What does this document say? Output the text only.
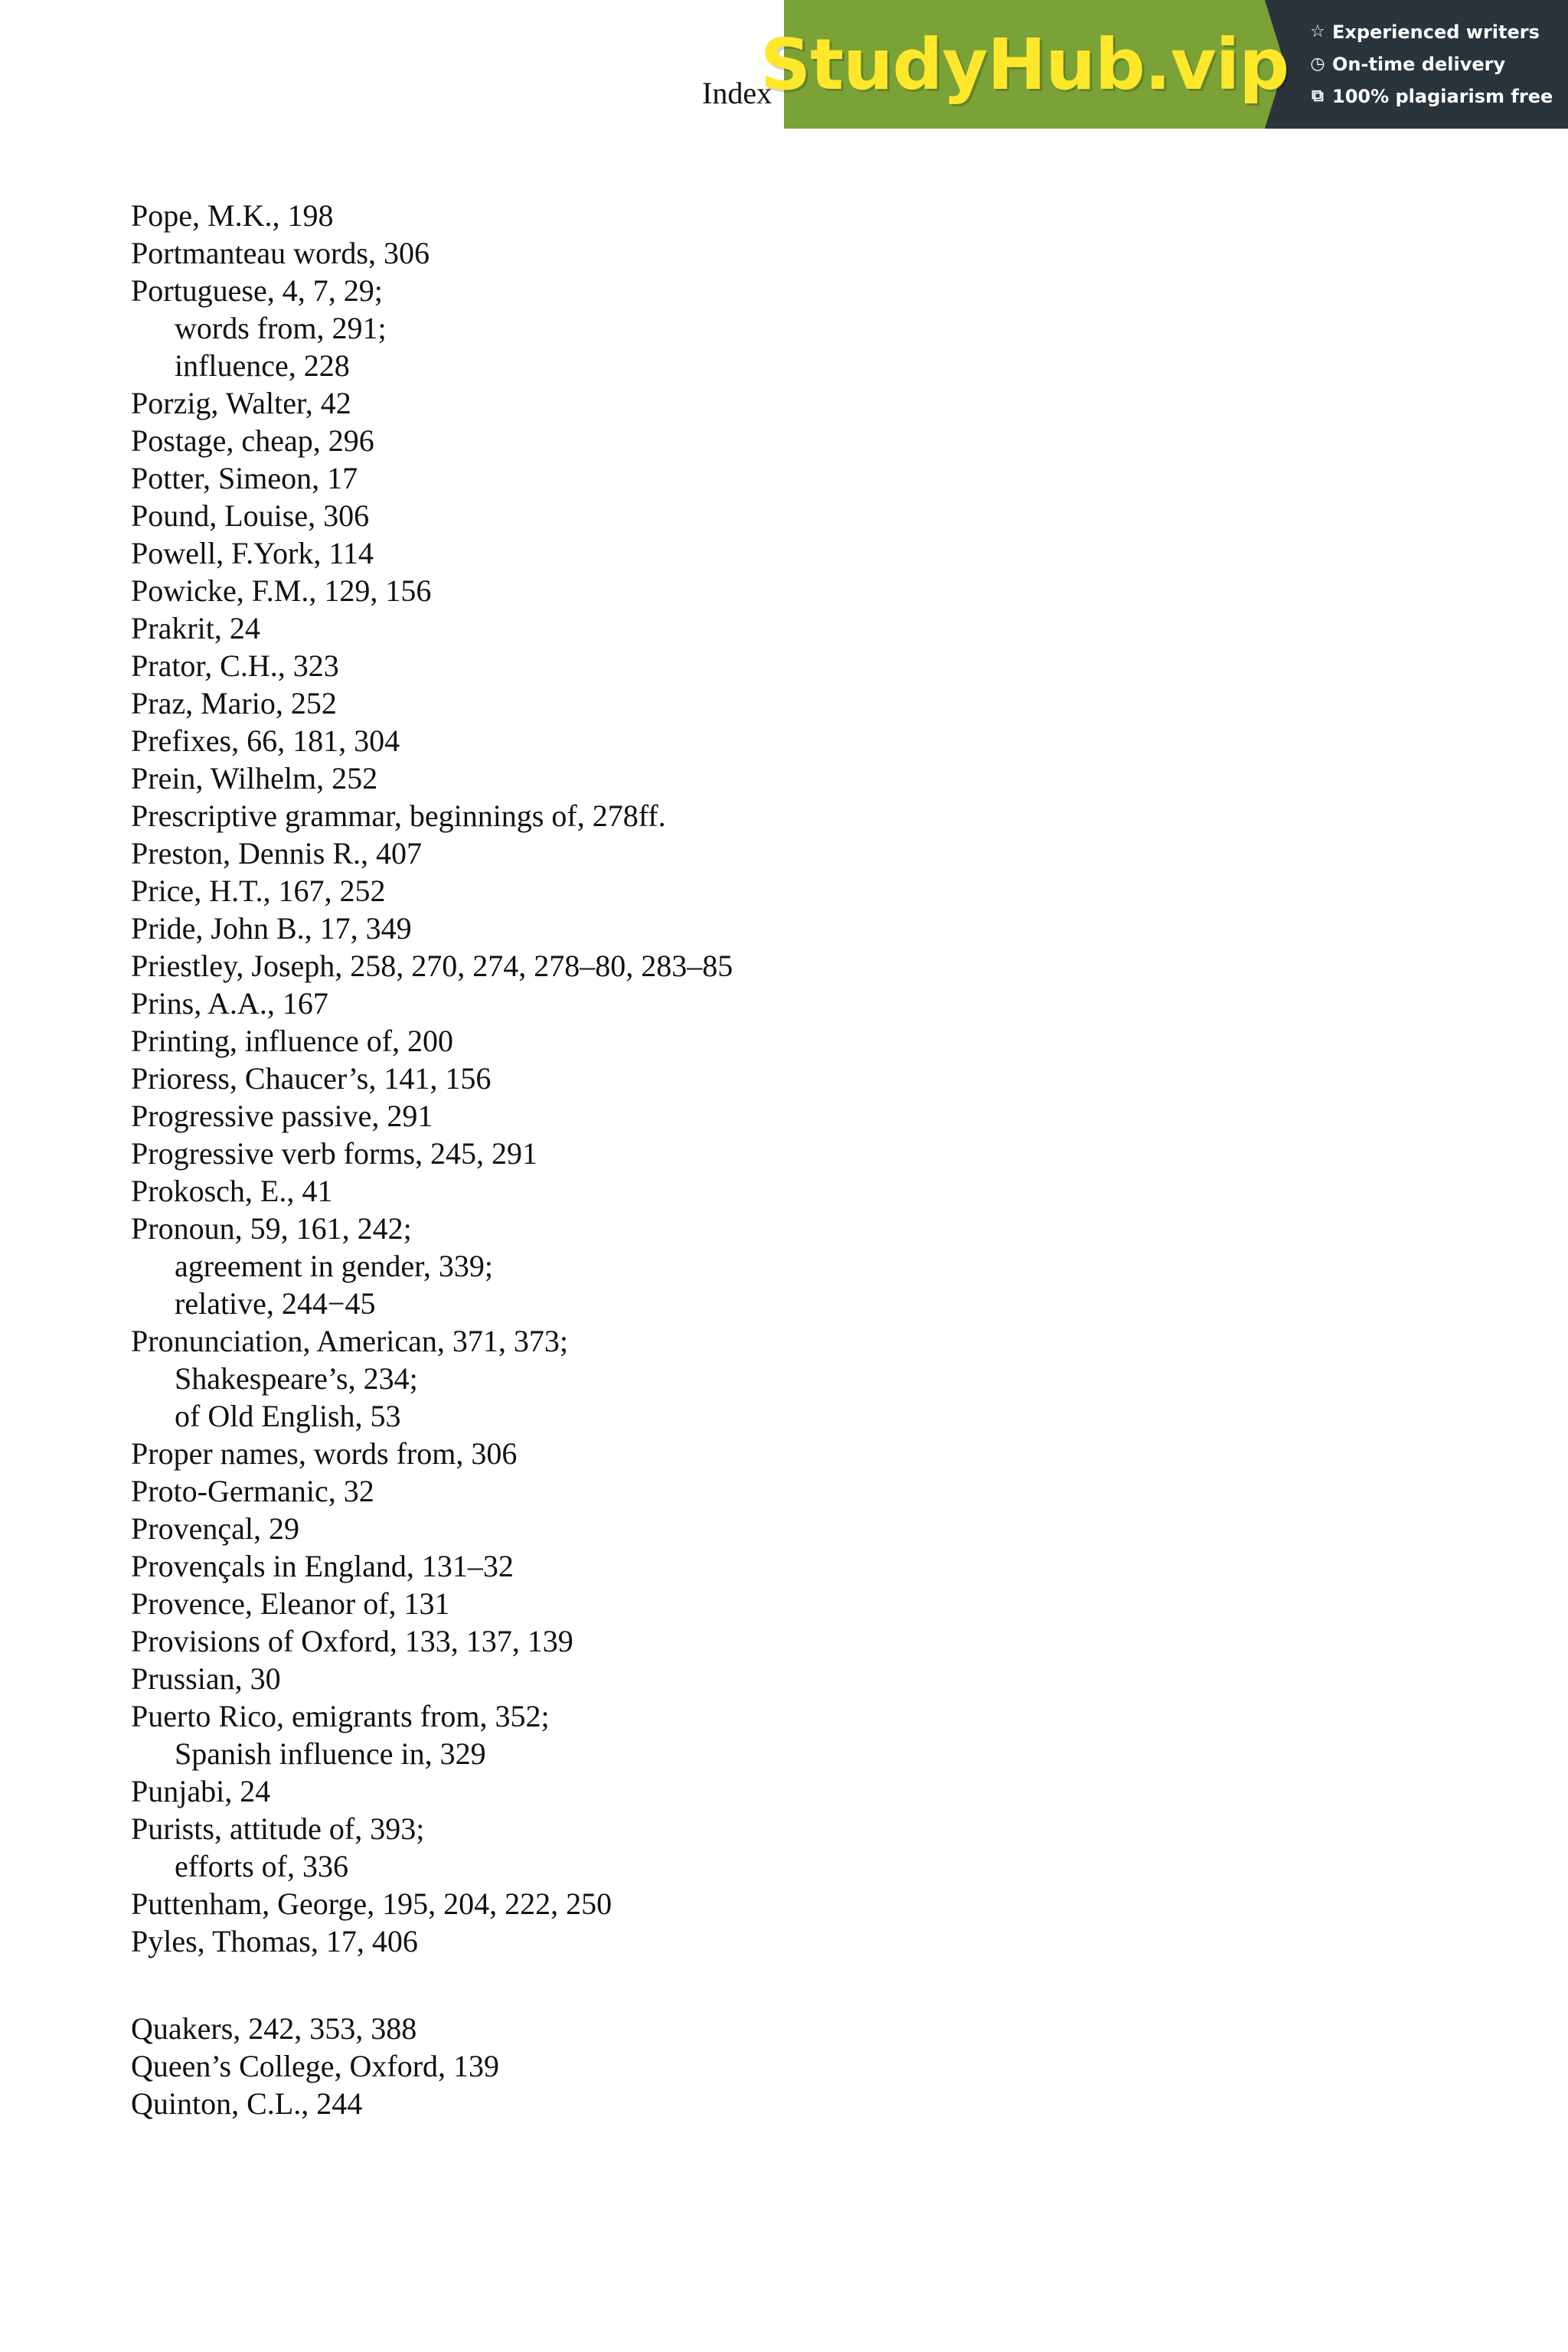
Index
StudyHub.vip ☆ Experienced writers
◷ On-time delivery
⧉ 100% plagiarism free
Pope, M.K., 198
Portmanteau words, 306
Portuguese, 4, 7, 29;
words from, 291;
influence, 228
Porzig, Walter, 42
Postage, cheap, 296
Potter, Simeon, 17
Pound, Louise, 306
Powell, F.York, 114
Powicke, F.M., 129, 156
Prakrit, 24
Prator, C.H., 323
Praz, Mario, 252
Prefixes, 66, 181, 304
Prein, Wilhelm, 252
Prescriptive grammar, beginnings of, 278ff.
Preston, Dennis R., 407
Price, H.T., 167, 252
Pride, John B., 17, 349
Priestley, Joseph, 258, 270, 274, 278–80, 283–85
Prins, A.A., 167
Printing, influence of, 200
Prioress, Chaucer’s, 141, 156
Progressive passive, 291
Progressive verb forms, 245, 291
Prokosch, E., 41
Pronoun, 59, 161, 242;
agreement in gender, 339;
relative, 244−45
Pronunciation, American, 371, 373;
Shakespeare’s, 234;
of Old English, 53
Proper names, words from, 306
Proto-Germanic, 32
Provençal, 29
Provençals in England, 131–32
Provence, Eleanor of, 131
Provisions of Oxford, 133, 137, 139
Prussian, 30
Puerto Rico, emigrants from, 352;
Spanish influence in, 329
Punjabi, 24
Purists, attitude of, 393;
efforts of, 336
Puttenham, George, 195, 204, 222, 250
Pyles, Thomas, 17, 406
Quakers, 242, 353, 388
Queen’s College, Oxford, 139
Quinton, C.L., 244
